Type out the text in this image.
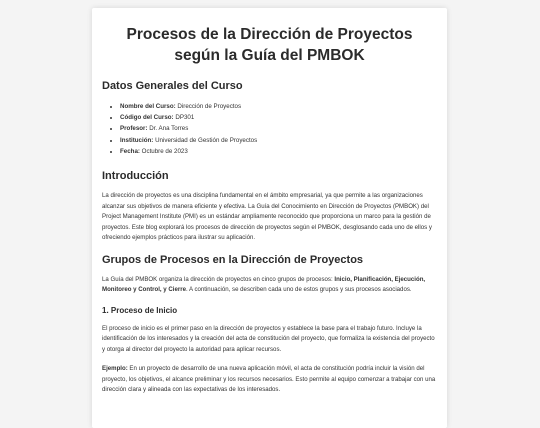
Procesos de la Dirección de Proyectos según la Guía del PMBOK
Datos Generales del Curso
• Nombre del Curso: Dirección de Proyectos
• Código del Curso: DP301
• Profesor: Dr. Ana Torres
• Institución: Universidad de Gestión de Proyectos
• Fecha: Octubre de 2023
Introducción

La dirección de proyectos es una disciplina fundamental en el ámbito empresarial, ya que permite a las organizaciones alcanzar sus objetivos de manera eficiente y efectiva. La Guía del Conocimiento en Dirección de Proyectos (PMBOK) del Project Management Institute (PMI) es un estándar ampliamente reconocido que proporciona un marco para la gestión de proyectos. Este blog explorará los procesos de dirección de proyectos según el PMBOK, desglosando cada uno de ellos y ofreciendo ejemplos prácticos para ilustrar su aplicación.

Grupos de Procesos en la Dirección de Proyectos

La Guía del PMBOK organiza la dirección de proyectos en cinco grupos de procesos: Inicio, Planificación, Ejecución, Monitoreo y Control, y Cierre. A continuación, se describen cada uno de estos grupos y sus procesos asociados.

1. Proceso de Inicio

El proceso de inicio es el primer paso en la dirección de proyectos y establece la base para el trabajo futuro. Incluye la identificación de los interesados y la creación del acta de constitución del proyecto, que formaliza la existencia del proyecto y otorga al director del proyecto la autoridad para aplicar recursos.

Ejemplo: En un proyecto de desarrollo de una nueva aplicación móvil, el acta de constitución podría incluir la visión del proyecto, los objetivos, el alcance preliminar y los recursos necesarios. Esto permite al equipo comenzar a trabajar con una dirección clara y alineada con las expectativas de los interesados.
